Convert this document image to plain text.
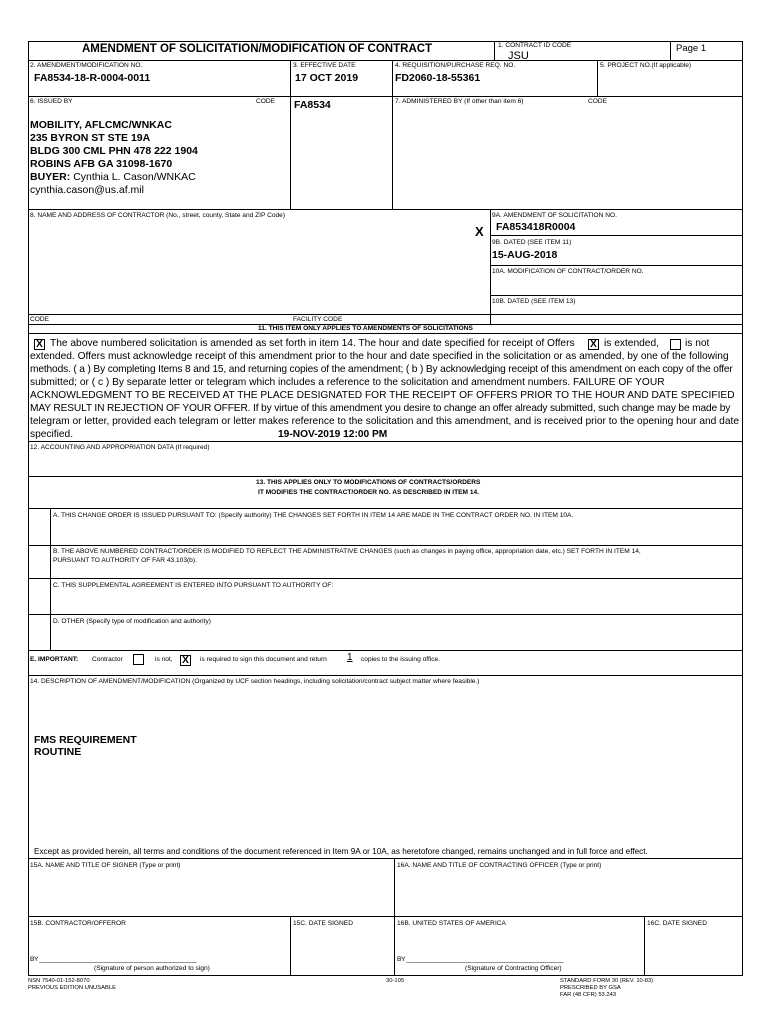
AMENDMENT OF SOLICITATION/MODIFICATION OF CONTRACT	1. CONTRACT ID CODE
JSU
Page 1
2. AMENDMENT/MODIFICATION NO.
FA8534-18-R-0004-0011
3. EFFECTIVE DATE
17 OCT 2019
4. REQUISITION/PURCHASE REQ. NO.
FD2060-18-55361
5. PROJECT NO.(If applicable)
6. ISSUED BY	CODE FA8534	7. ADMINISTERED BY (If other than item 6)	CODE
MOBILITY, AFLCMC/WNKAC
235 BYRON ST STE 19A
BLDG 300 CML PHN 478 222 1904
ROBINS AFB GA 31098-1670
BUYER: Cynthia L. Cason/WNKAC
cynthia.cason@us.af.mil
8. NAME AND ADDRESS OF CONTRACTOR (No., street, county, State and ZIP Code)
X
9A. AMENDMENT OF SOLICITATION NO.
FA853418R0004
9B. DATED (SEE ITEM 11)
15-AUG-2018
10A. MODIFICATION OF CONTRACT/ORDER NO.
10B. DATED (SEE ITEM 13)
CODE	FACILITY CODE
11. THIS ITEM ONLY APPLIES TO AMENDMENTS OF SOLICITATIONS
X The above numbered solicitation is amended as set forth in item 14. The hour and date specified for receipt of Offers X is extended,	is not
extended. Offers must acknowledge receipt of this amendment prior to the hour and date specified in the solicitation or as amended, by one of the following
methods. ( a ) By completing Items 8 and 15, and returning copies of the amendment; ( b ) By acknowledging receipt of this amendment on each copy of the offer
submitted; or ( c ) By separate letter or telegram which includes a reference to the solicitation and amendment numbers. FAILURE OF YOUR
ACKNOWLEDGMENT TO BE RECEIVED AT THE PLACE DESIGNATED FOR THE RECEIPT OF OFFERS PRIOR TO THE HOUR AND DATE SPECIFIED
MAY RESULT IN REJECTION OF YOUR OFFER. If by virtue of this amendment you desire to change an offer already submitted, such change may be made by
telegram or letter, provided each telegram or letter makes reference to the solicitation and this amendment, and is received prior to the opening hour and date
specified.	19-NOV-2019 12:00 PM
12. ACCOUNTING AND APPROPRIATION DATA (If required)
13. THIS APPLIES ONLY TO MODIFICATIONS OF CONTRACTS/ORDERS
IT MODIFIES THE CONTRACT/ORDER NO. AS DESCRIBED IN ITEM 14.
A. THIS CHANGE ORDER IS ISSUED PURSUANT TO: (Specify authority) THE CHANGES SET FORTH IN ITEM 14 ARE MADE IN THE CONTRACT ORDER NO. IN ITEM 10A.
B. THE ABOVE NUMBERED CONTRACT/ORDER IS MODIFIED TO REFLECT THE ADMINISTRATIVE CHANGES (such as changes in paying office, appropriation date, etc.) SET FORTH IN ITEM 14,
PURSUANT TO AUTHORITY OF FAR 43.103(b).
C. THIS SUPPLEMENTAL AGREEMENT IS ENTERED INTO PURSUANT TO AUTHORITY OF:
D. OTHER (Specify type of modification and authority)
E. IMPORTANT: Contractor	is not, X	is required to sign this document and return 1 copies to the issuing office.
14. DESCRIPTION OF AMENDMENT/MODIFICATION (Organized by UCF section headings, including solicitation/contract subject matter where feasible.)
FMS REQUIREMENT
ROUTINE
Except as provided herein, all terms and conditions of the document referenced in Item 9A or 10A, as heretofore changed, remains unchanged and in full force and effect.
15A. NAME AND TITLE OF SIGNER (Type or print)	16A. NAME AND TITLE OF CONTRACTING OFFICER (Type or print)
15B. CONTRACTOR/OFFEROR	15C. DATE SIGNED	16B. UNITED STATES OF AMERICA	16C. DATE SIGNED
BY ________________________________________________	BY ________________________________________________
(Signature of person authorized to sign)	(Signature of Contracting Officer)
NSN 7540-01-152-8070
PREVIOUS EDITION UNUSABLE
30-105	STANDARD FORM 30 (REV. 10-83)
PRESCRIBED BY GSA
FAR (48 CFR) 53.243
